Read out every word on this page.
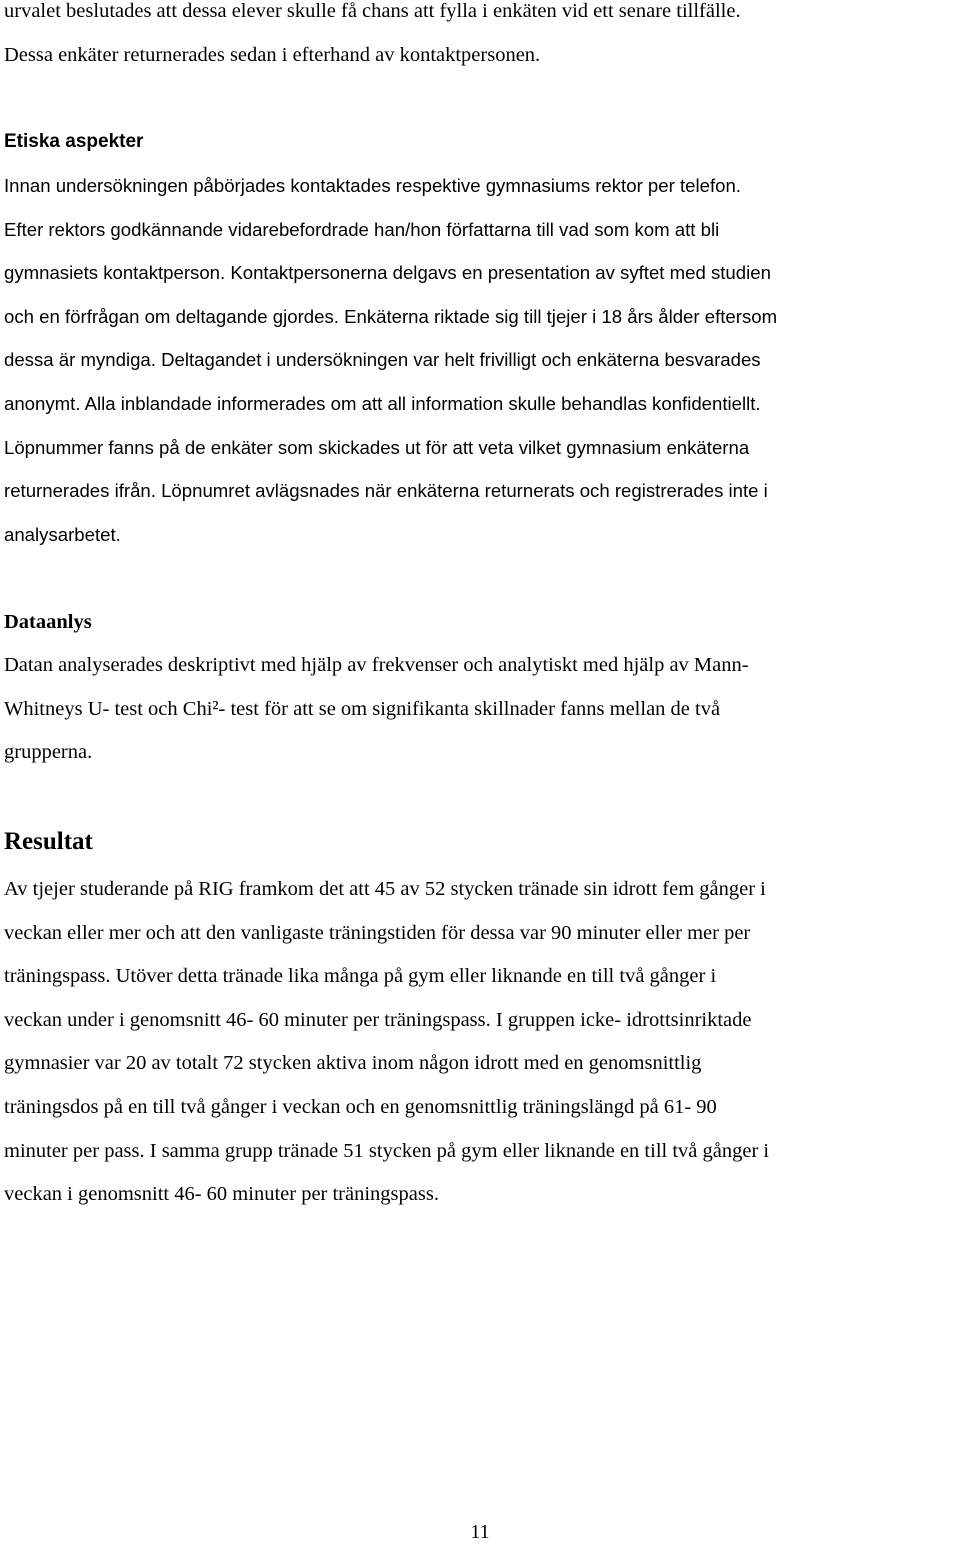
urvalet beslutades att dessa elever skulle få chans att fylla i enkäten vid ett senare tillfälle.
Dessa enkäter returnerades sedan i efterhand av kontaktpersonen.
Etiska aspekter
Innan undersökningen påbörjades kontaktades respektive gymnasiums rektor per telefon.
Efter rektors godkännande vidarebefordrade han/hon författarna till vad som kom att bli
gymnasiets kontaktperson. Kontaktpersonerna delgavs en presentation av syftet med studien
och en förfrågan om deltagande gjordes. Enkäterna riktade sig till tjejer i 18 års ålder eftersom
dessa är myndiga. Deltagandet i undersökningen var helt frivilligt och enkäterna besvarades
anonymt. Alla inblandade informerades om att all information skulle behandlas konfidentiellt.
Löpnummer fanns på de enkäter som skickades ut för att veta vilket gymnasium enkäterna
returnerades ifrån. Löpnumret avlägsnades när enkäterna returnerats och registrerades inte i
analysarbetet.
Dataanlys
Datan analyserades deskriptivt med hjälp av frekvenser och analytiskt med hjälp av Mann-
Whitneys U- test och Chi²- test för att se om signifikanta skillnader fanns mellan de två
grupperna.
Resultat
Av tjejer studerande på RIG framkom det att 45 av 52 stycken tränade sin idrott fem gånger i
veckan eller mer och att den vanligaste träningstiden för dessa var 90 minuter eller mer per
träningspass. Utöver detta tränade lika många på gym eller liknande en till två gånger i
veckan under i genomsnitt 46- 60 minuter per träningspass. I gruppen icke- idrottsinriktade
gymnasier var 20 av totalt 72 stycken aktiva inom någon idrott med en genomsnittlig
träningsdos på en till två gånger i veckan och en genomsnittlig träningslängd på 61- 90
minuter per pass. I samma grupp tränade 51 stycken på gym eller liknande en till två gånger i
veckan i genomsnitt 46- 60 minuter per träningspass.
11
